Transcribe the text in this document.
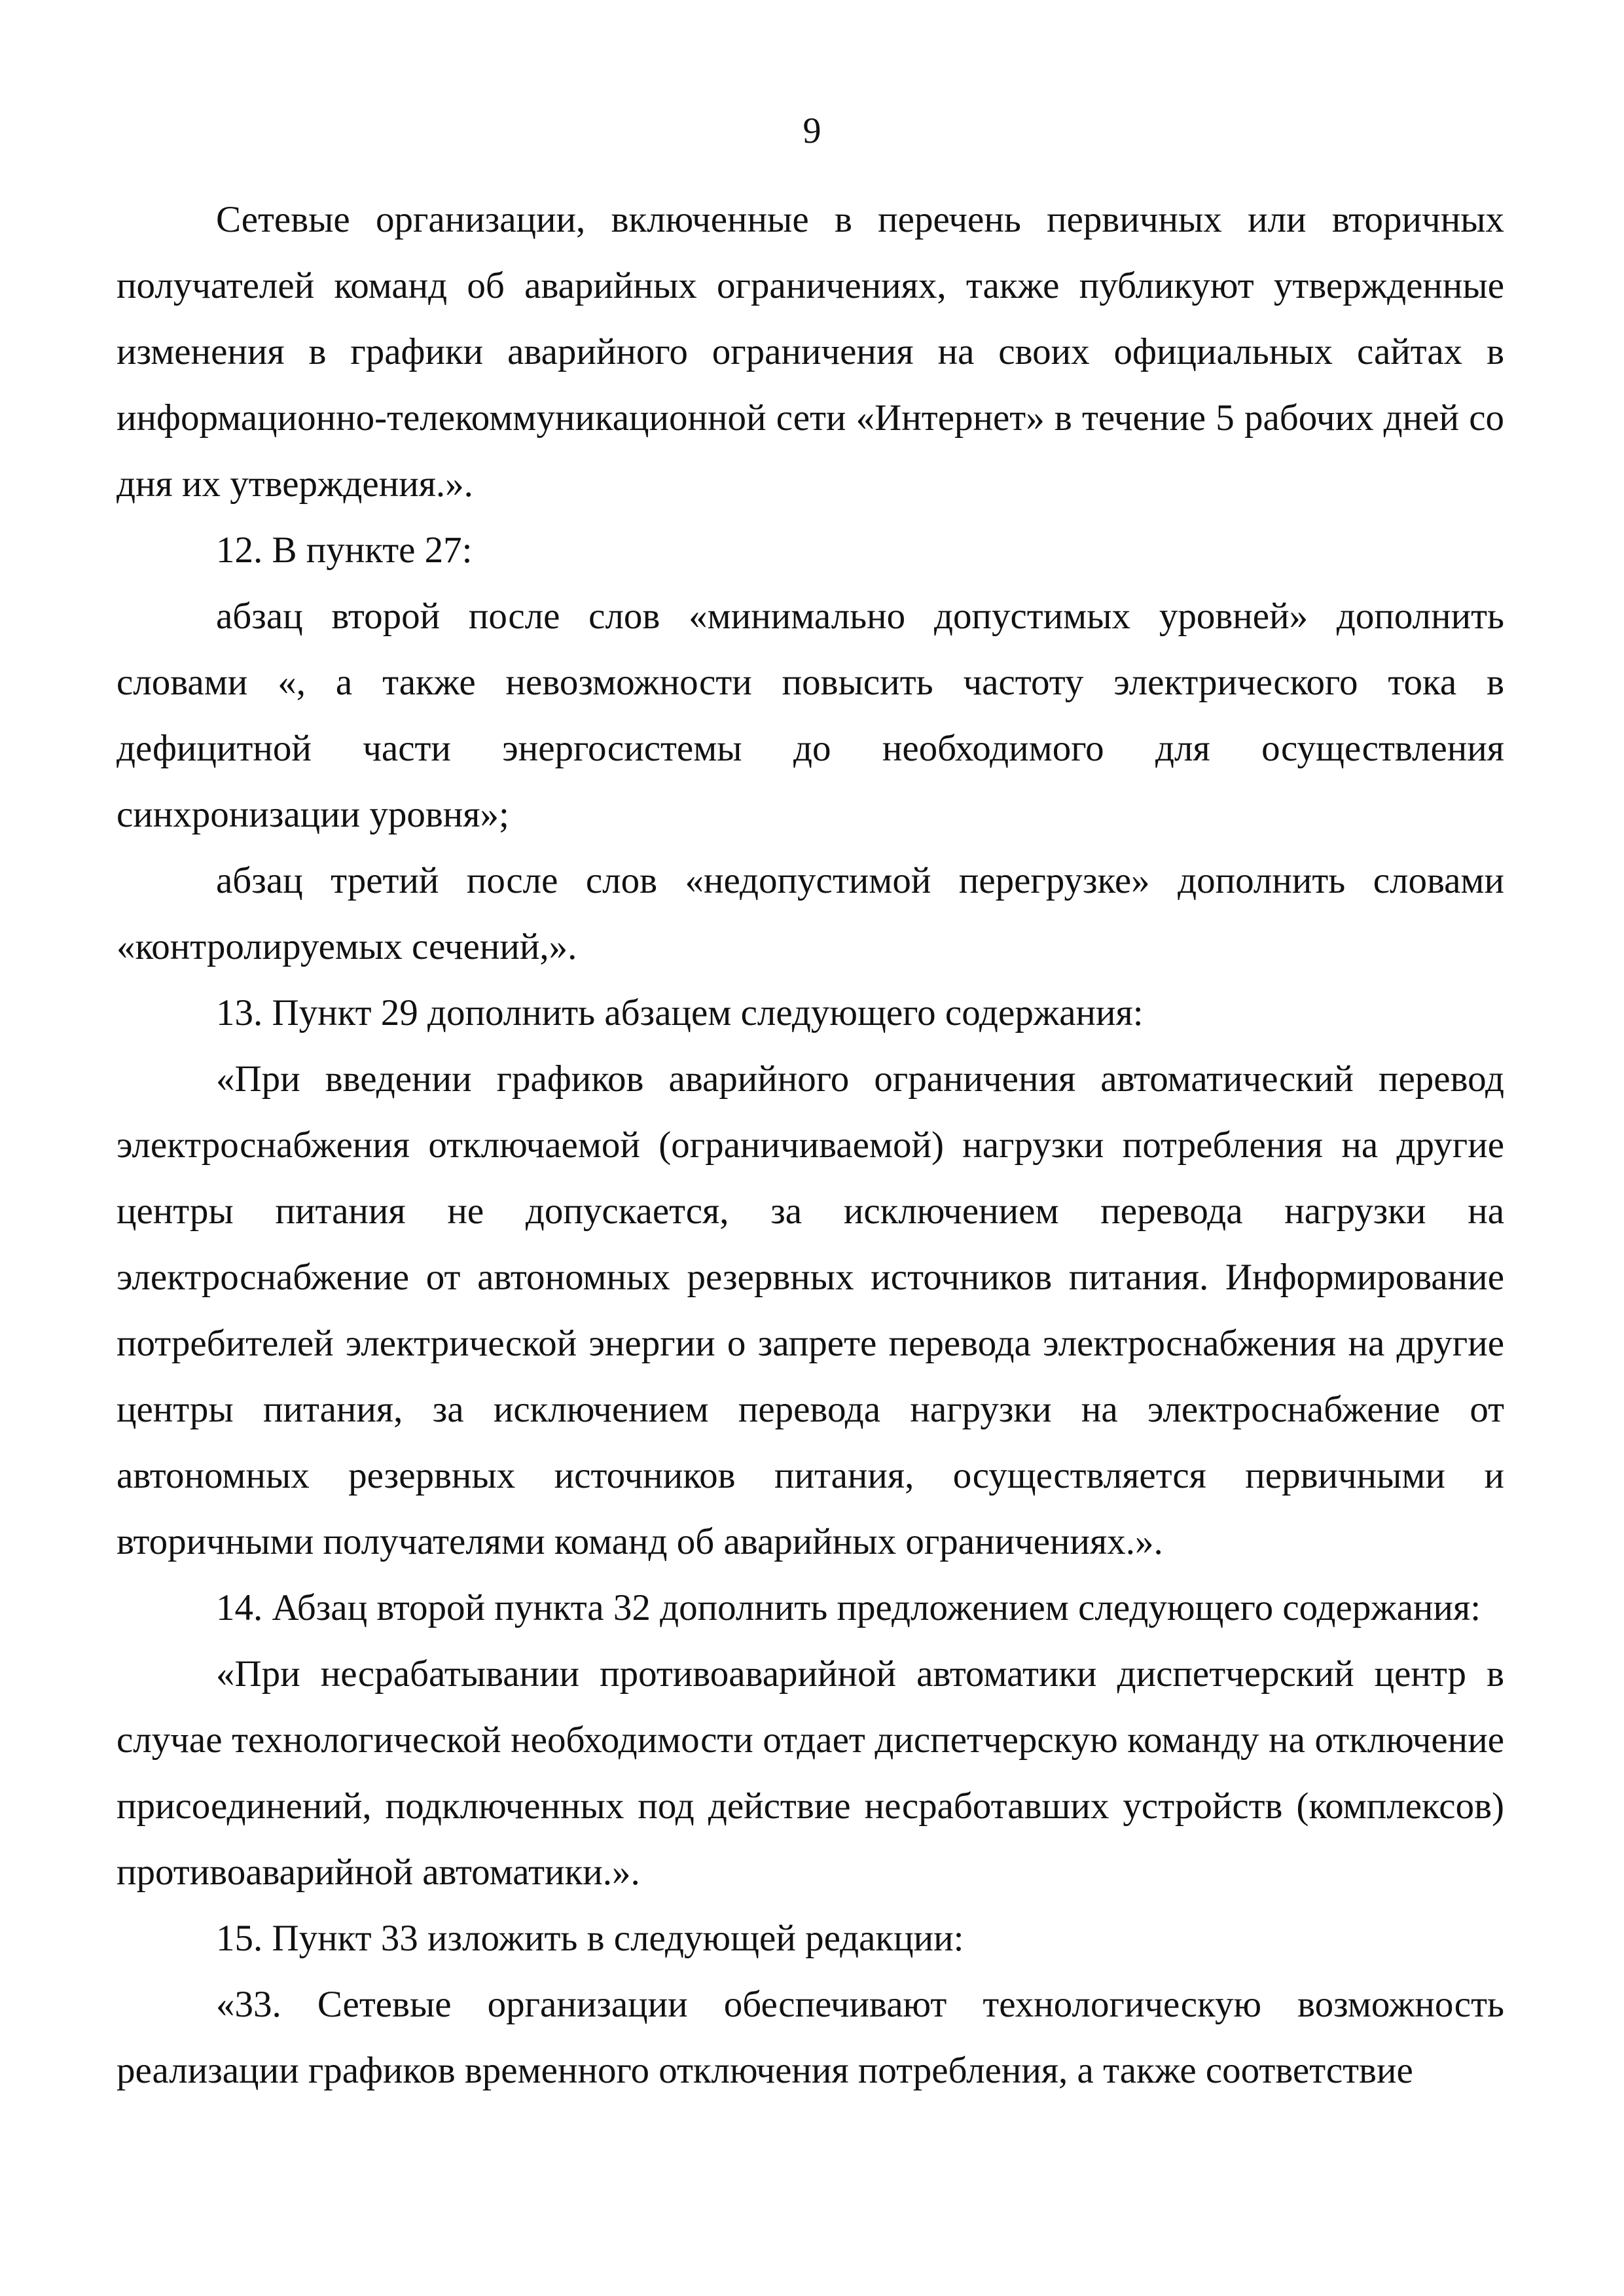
9

Сетевые организации, включенные в перечень первичных или вторичных получателей команд об аварийных ограничениях, также публикуют утвержденные изменения в графики аварийного ограничения на своих официальных сайтах в информационно-телекоммуникационной сети «Интернет» в течение 5 рабочих дней со дня их утверждения.».

12. В пункте 27:

абзац второй после слов «минимально допустимых уровней» дополнить словами «, а также невозможности повысить частоту электрического тока в дефицитной части энергосистемы до необходимого для осуществления синхронизации уровня»;

абзац третий после слов «недопустимой перегрузке» дополнить словами «контролируемых сечений,».

13. Пункт 29 дополнить абзацем следующего содержания:

«При введении графиков аварийного ограничения автоматический перевод электроснабжения отключаемой (ограничиваемой) нагрузки потребления на другие центры питания не допускается, за исключением перевода нагрузки на электроснабжение от автономных резервных источников питания. Информирование потребителей электрической энергии о запрете перевода электроснабжения на другие центры питания, за исключением перевода нагрузки на электроснабжение от автономных резервных источников питания, осуществляется первичными и вторичными получателями команд об аварийных ограничениях.».

14. Абзац второй пункта 32 дополнить предложением следующего содержания:

«При несрабатывании противоаварийной автоматики диспетчерский центр в случае технологической необходимости отдает диспетчерскую команду на отключение присоединений, подключенных под действие несработавших устройств (комплексов) противоаварийной автоматики.».

15. Пункт 33 изложить в следующей редакции:

«33. Сетевые организации обеспечивают технологическую возможность реализации графиков временного отключения потребления, а также соответствие
